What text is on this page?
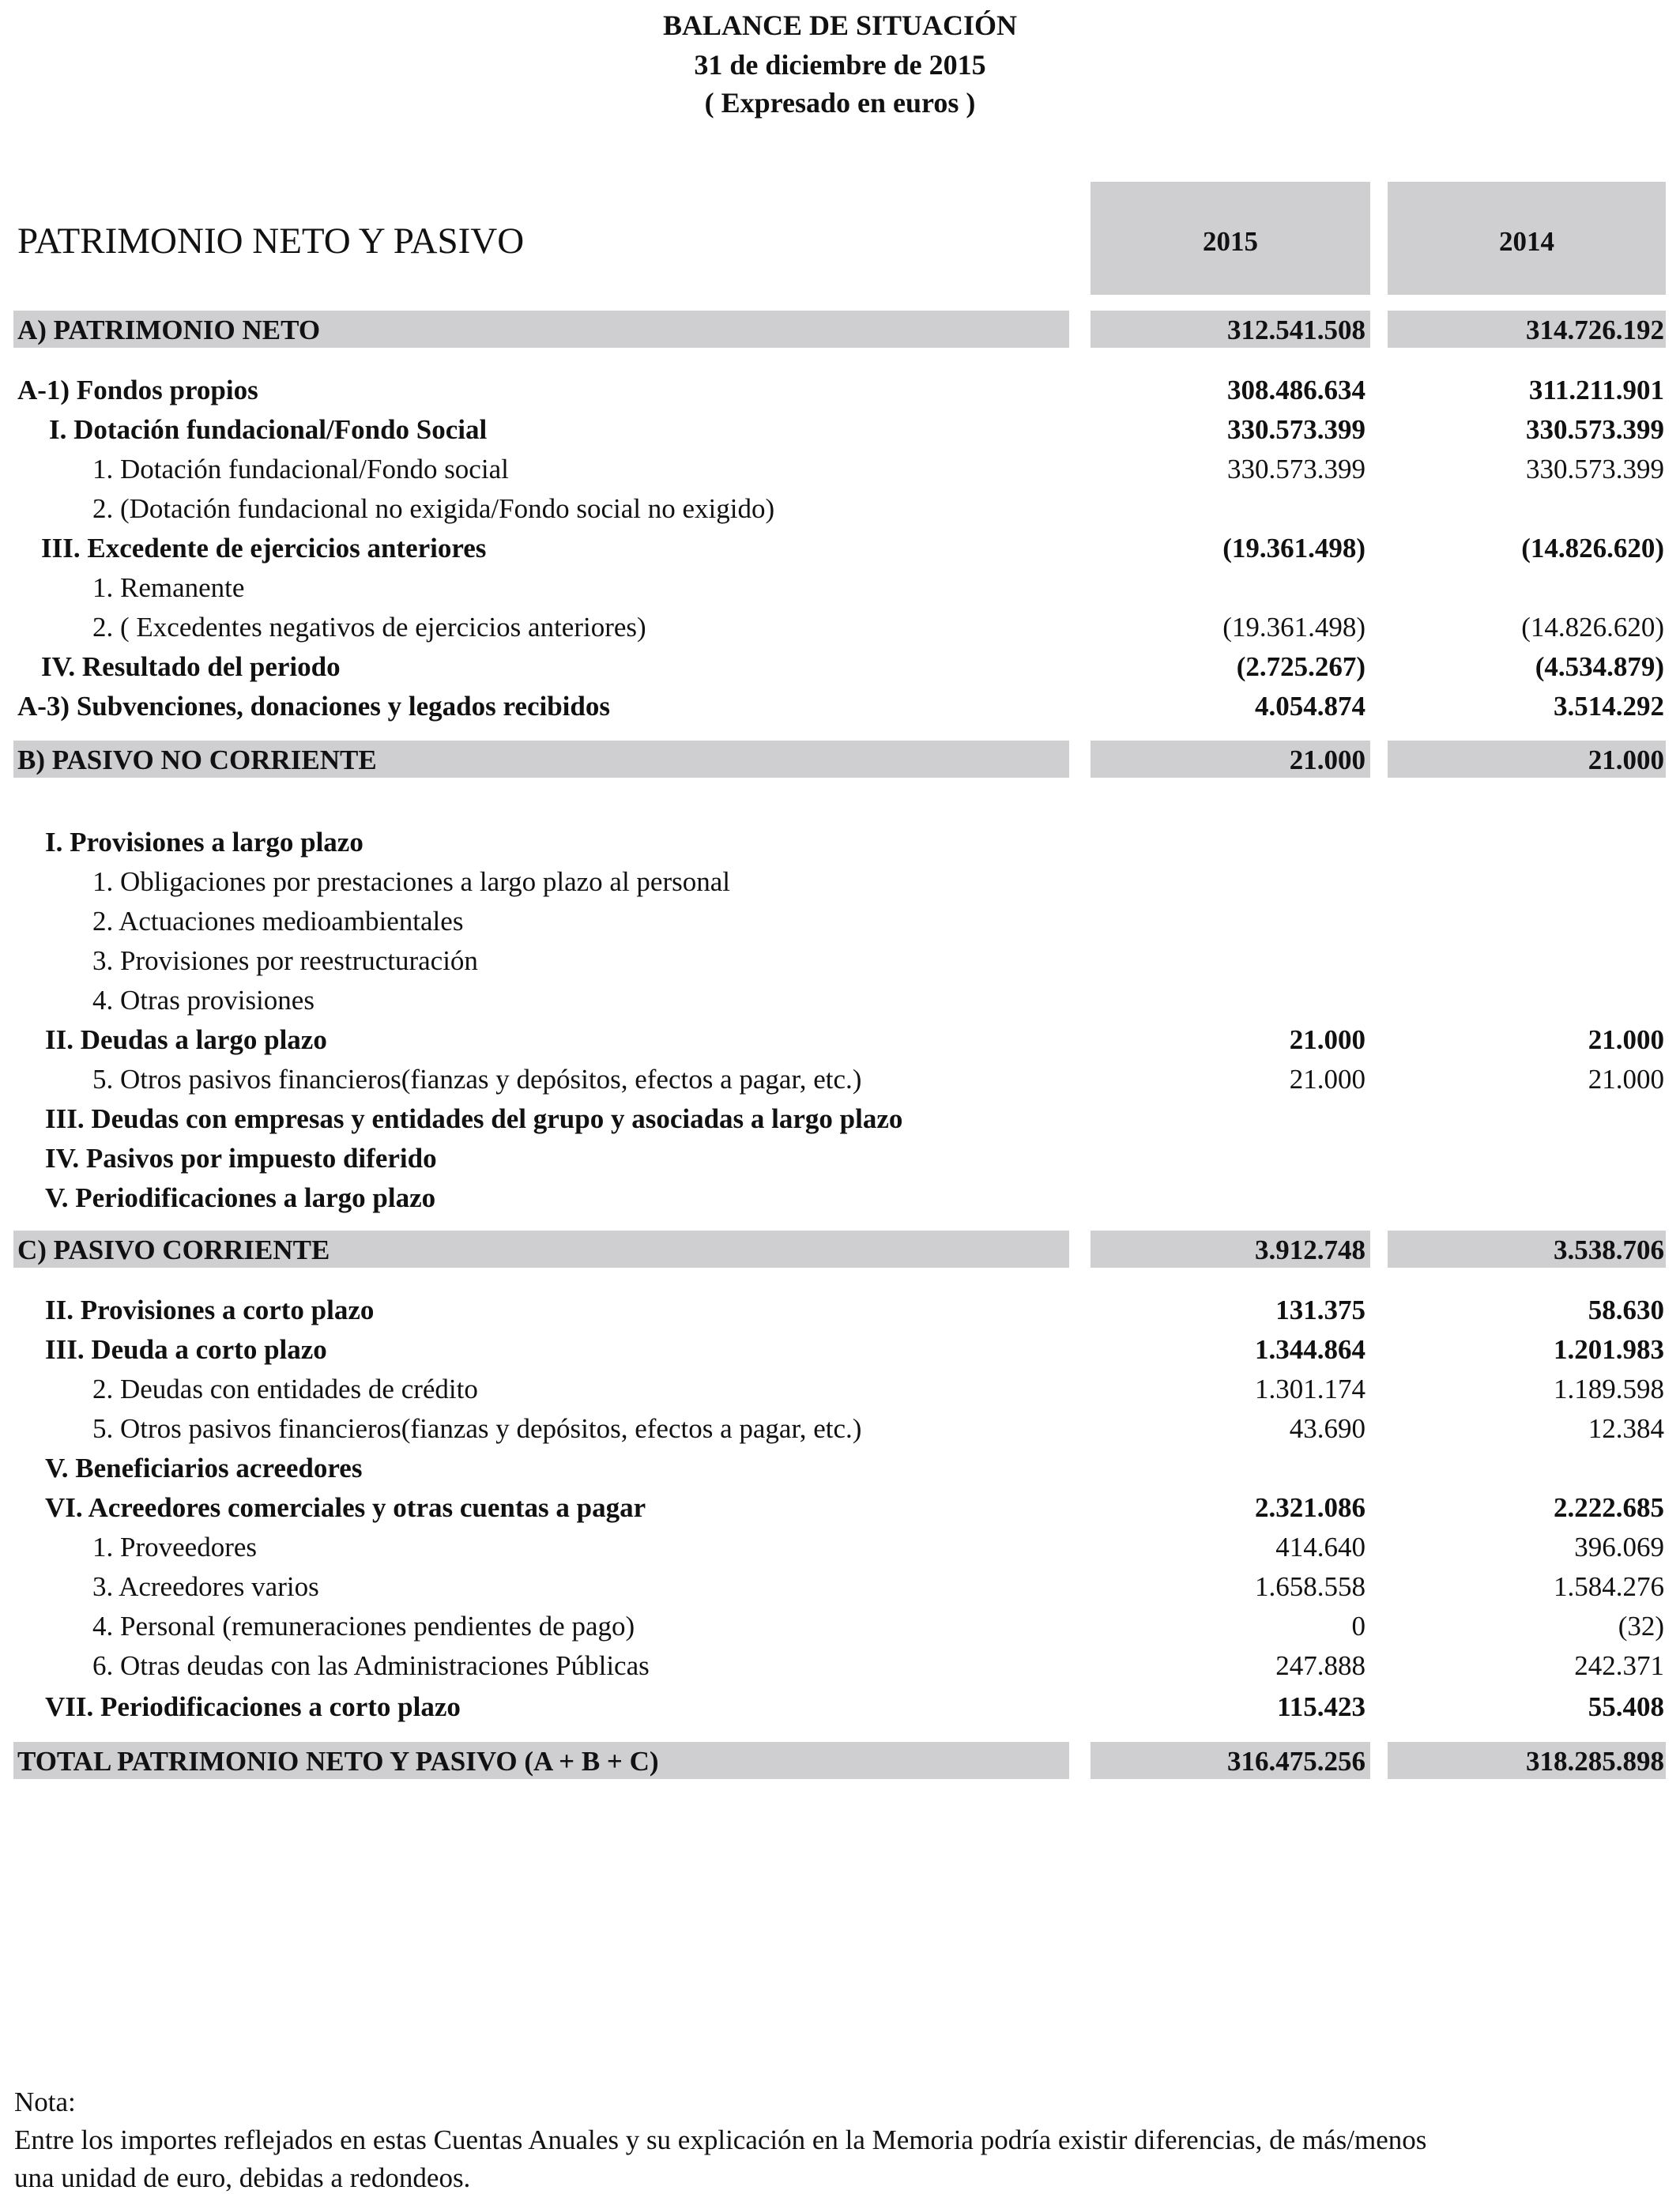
BALANCE DE SITUACIÓN
31 de diciembre de 2015
( Expresado en euros )
PATRIMONIO NETO Y PASIVO	2015	2014
A) PATRIMONIO NETO	312.541.508	314.726.192
A-1) Fondos propios	308.486.634	311.211.901
I. Dotación fundacional/Fondo Social	330.573.399	330.573.399
1. Dotación fundacional/Fondo social	330.573.399	330.573.399
2. (Dotación fundacional no exigida/Fondo social no exigido)
III. Excedente de ejercicios anteriores	(19.361.498)	(14.826.620)
1. Remanente
2. ( Excedentes negativos de ejercicios anteriores)	(19.361.498)	(14.826.620)
IV. Resultado del periodo	(2.725.267)	(4.534.879)
A-3) Subvenciones, donaciones y legados recibidos	4.054.874	3.514.292
B) PASIVO NO CORRIENTE	21.000	21.000
I. Provisiones a largo plazo
1. Obligaciones por prestaciones a largo plazo al personal
2. Actuaciones medioambientales
3. Provisiones por reestructuración
4. Otras provisiones
II. Deudas a largo plazo	21.000	21.000
5. Otros pasivos financieros(fianzas y depósitos, efectos a pagar, etc.)	21.000	21.000
III. Deudas con empresas y entidades del grupo y asociadas a largo plazo
IV. Pasivos por impuesto diferido
V. Periodificaciones a largo plazo
C) PASIVO CORRIENTE	3.912.748	3.538.706
II. Provisiones a corto plazo	131.375	58.630
III. Deuda a corto plazo	1.344.864	1.201.983
2. Deudas con entidades de crédito	1.301.174	1.189.598
5. Otros pasivos financieros(fianzas y depósitos, efectos a pagar, etc.)	43.690	12.384
V. Beneficiarios acreedores
VI. Acreedores comerciales y otras cuentas a pagar	2.321.086	2.222.685
1. Proveedores	414.640	396.069
3. Acreedores varios	1.658.558	1.584.276
4. Personal (remuneraciones pendientes de pago)	0	(32)
6. Otras deudas con las Administraciones Públicas	247.888	242.371
VII. Periodificaciones a corto plazo	115.423	55.408
TOTAL PATRIMONIO NETO Y PASIVO (A + B + C)	316.475.256	318.285.898
Nota:
Entre los importes reflejados en estas Cuentas Anuales y su explicación en la Memoria podría existir diferencias, de más/menos
una unidad de euro, debidas a redondeos.
